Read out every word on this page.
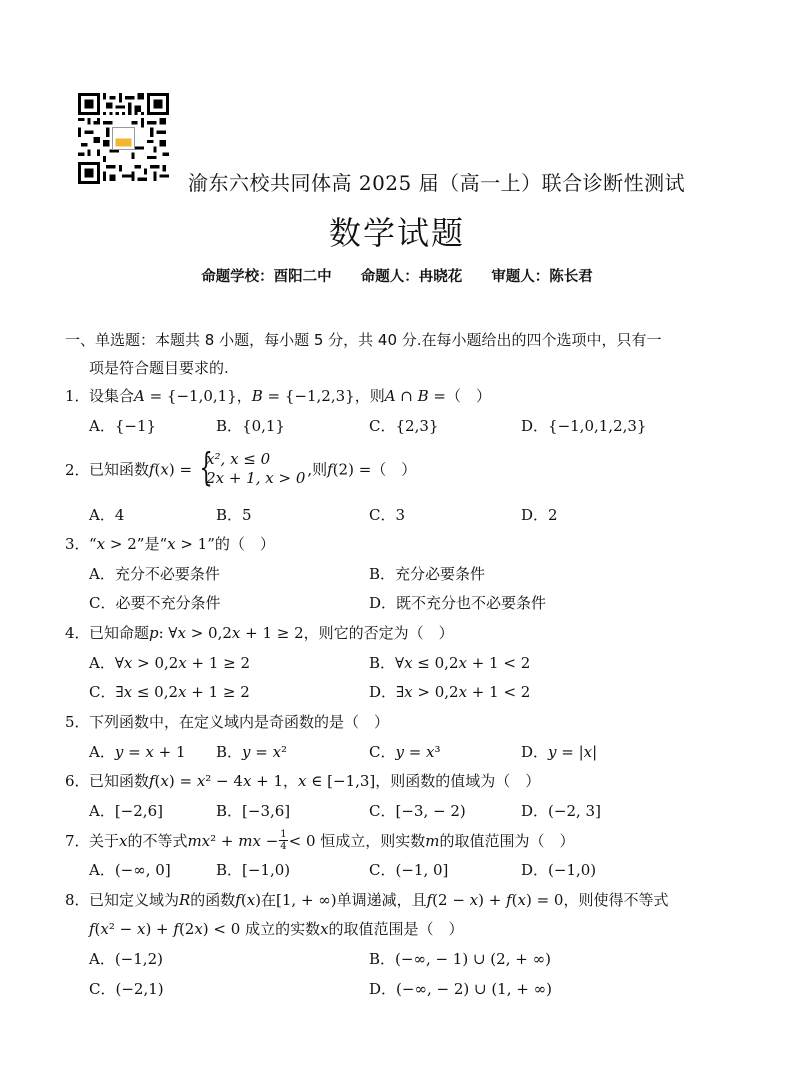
渝东六校共同体高 2025 届（高一上）联合诊断性测试
数学试题
命题学校：酉阳二中 命题人：冉晓花 审题人：陈长君
一、单选题：本题共 8 小题，每小题 5 分，共 40 分.在每小题给出的四个选项中，只有一
项是符合题目要求的.
1．设集合𝐴 = {−1,0,1}，𝐵 = {−1,2,3}，则𝐴 ∩ 𝐵 =（　）
A．{−1}	B．{0,1}	C．{2,3}	D．{−1,0,1,2,3}
2．已知函数𝑓(𝑥) = {
𝑥², 𝑥 ≤ 0
2𝑥 + 1, 𝑥 > 0 ,则𝑓(2) =（　）
A．4	B．5	C．3	D．2
3．“𝑥 > 2”是“𝑥 > 1”的（　）
A．充分不必要条件	B．充分必要条件
C．必要不充分条件	D．既不充分也不必要条件
4．已知命题𝑝: ∀𝑥 > 0,2𝑥 + 1 ≥ 2，则它的否定为（　）
A．∀𝑥 > 0,2𝑥 + 1 ≥ 2	B．∀𝑥 ≤ 0,2𝑥 + 1 < 2
C．∃𝑥 ≤ 0,2𝑥 + 1 ≥ 2	D．∃𝑥 > 0,2𝑥 + 1 < 2
5．下列函数中，在定义域内是奇函数的是（　）
A．𝑦 = 𝑥 + 1 B．𝑦 = 𝑥²	C．𝑦 = 𝑥³	D．𝑦 = |𝑥|
6．已知函数𝑓(𝑥) = 𝑥² − 4𝑥 + 1，𝑥 ∈ [−1,3]，则函数的值域为（　）
A．[−2,6]	B．[−3,6]	C．[−3, − 2)	D．(−2, 3]
7．关于𝑥的不等式𝑚𝑥² + 𝑚𝑥 − $\frac{1}{4} < 0$ 恒成立，则实数𝑚的取值范围为（　）
A．(−∞, 0]	B．[−1,0)	C．(−1, 0]	D．(−1,0)
8．已知定义域为𝑅的函数𝑓(𝑥)在[1, + ∞)单调递减，且𝑓(2 − 𝑥) + 𝑓(𝑥) = 0，则使得不等式
𝑓(𝑥² − 𝑥) + 𝑓(2𝑥) < 0 成立的实数𝑥的取值范围是（　）
A．(−1,2)	B．(−∞, − 1) ∪ (2, + ∞)
C．(−2,1)	D．(−∞, − 2) ∪ (1, + ∞)
